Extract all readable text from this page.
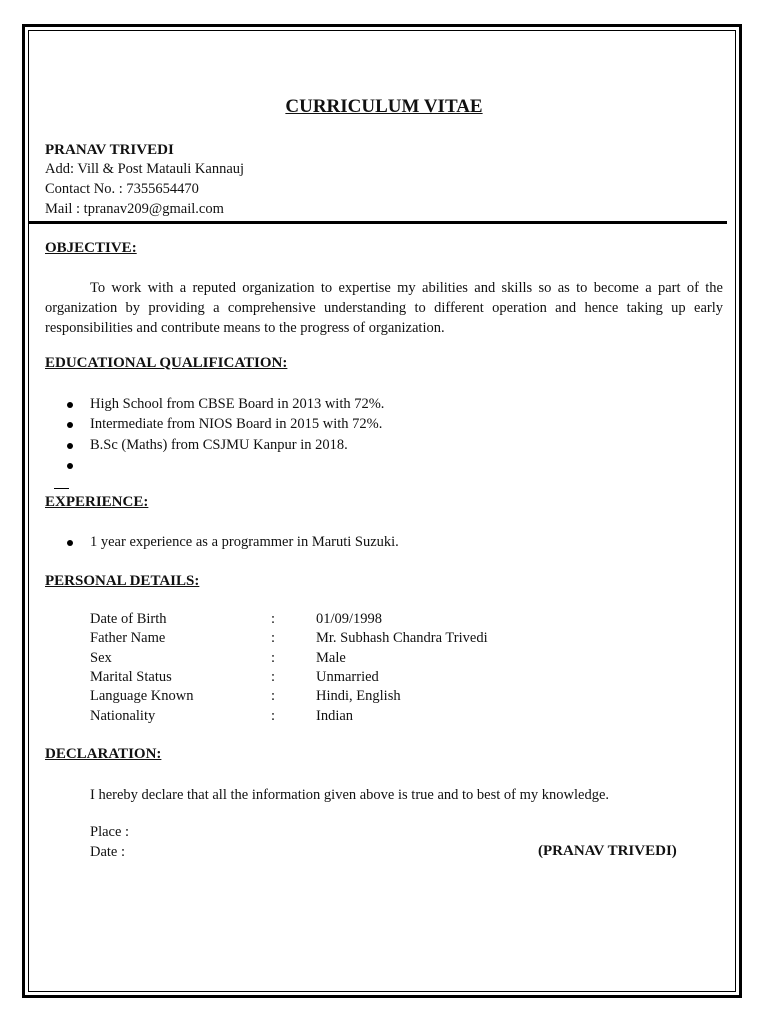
CURRICULUM VITAE
PRANAV TRIVEDI
Add: Vill & Post Matauli Kannauj
Contact No. : 7355654470
Mail : tpranav209@gmail.com
OBJECTIVE:
To work with a reputed organization to expertise my abilities and skills so as to become a part of the organization by providing a comprehensive understanding to different operation and hence taking up early responsibilities and contribute means to the progress of organization.
EDUCATIONAL QUALIFICATION:
High School from CBSE Board in 2013 with 72%.
Intermediate from NIOS Board in 2015 with 72%.
B.Sc (Maths) from CSJMU Kanpur in 2018.
EXPERIENCE:
1 year experience as a programmer in Maruti Suzuki.
PERSONAL DETAILS:
Date of Birth	:	01/09/1998
Father Name	:	Mr. Subhash Chandra Trivedi
Sex	:	Male
Marital Status	:	Unmarried
Language Known	:	Hindi, English
Nationality	:	Indian
DECLARATION:
I hereby declare that all the information given above is true and to best of my knowledge.
Place :
Date :	(PRANAV TRIVEDI)
